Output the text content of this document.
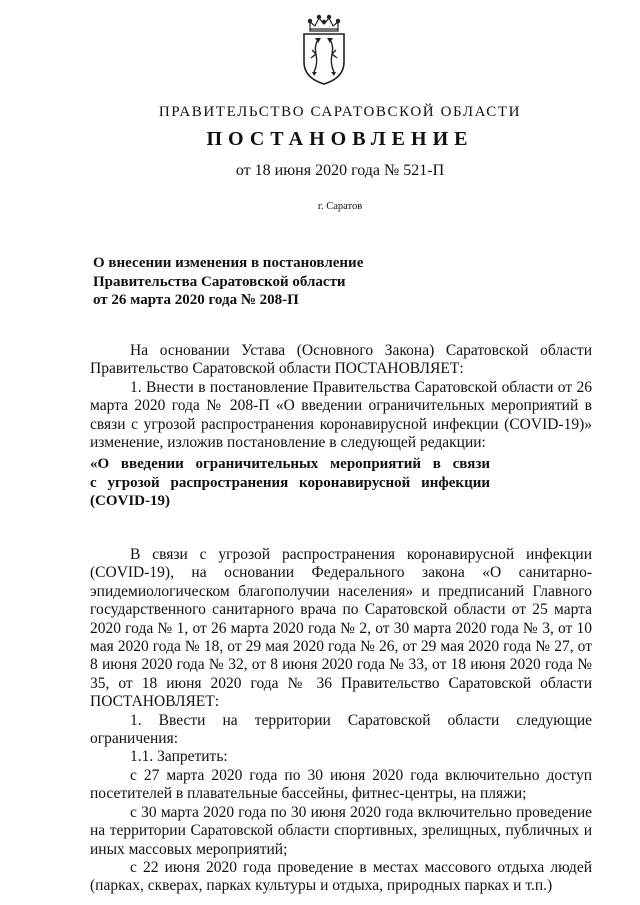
ПРАВИТЕЛЬСТВО САРАТОВСКОЙ ОБЛАСТИ
ПОСТАНОВЛЕНИЕ
от 18 июня 2020 года № 521-П
г. Саратов
О внесении изменения в постановление
Правительства Саратовской области
от 26 марта 2020 года № 208-П

На основании Устава (Основного Закона) Саратовской области Правительство Саратовской области ПОСТАНОВЛЯЕТ:

1. Внести в постановление Правительства Саратовской области от 26 марта 2020 года № 208-П «О введении ограничительных мероприятий в связи с угрозой распространения коронавирусной инфекции (COVID-19)» изменение, изложив постановление в следующей редакции:

«О введении ограничительных мероприятий в связи
с угрозой распространения коронавирусной инфекции
(COVID-19)

В связи с угрозой распространения коронавирусной инфекции (COVID-19), на основании Федерального закона «О санитарно-эпидемиологическом благополучии населения» и предписаний Главного государственного санитарного врача по Саратовской области от 25 марта 2020 года № 1, от 26 марта 2020 года № 2, от 30 марта 2020 года № 3, от 10 мая 2020 года № 18, от 29 мая 2020 года № 26, от 29 мая 2020 года № 27, от 8 июня 2020 года № 32, от 8 июня 2020 года № 33, от 18 июня 2020 года № 35, от 18 июня 2020 года № 36 Правительство Саратовской области ПОСТАНОВЛЯЕТ:

1. Ввести на территории Саратовской области следующие ограничения:

1.1. Запретить:

с 27 марта 2020 года по 30 июня 2020 года включительно доступ посетителей в плавательные бассейны, фитнес-центры, на пляжи;

с 30 марта 2020 года по 30 июня 2020 года включительно проведение на территории Саратовской области спортивных, зрелищных, публичных и иных массовых мероприятий;

с 22 июня 2020 года проведение в местах массового отдыха людей (парках, скверах, парках культуры и отдыха, природных парках и т.п.)
